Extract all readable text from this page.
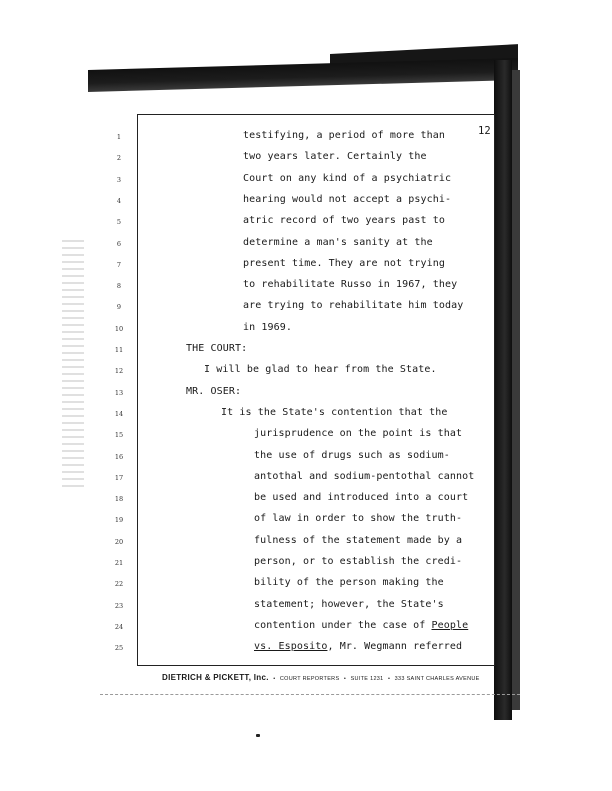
12
1	testifying, a period of more than
2	two years later. Certainly the
3	Court on any kind of a psychiatric
4	hearing would not accept a psychi-
5	atric record of two years past to
6	determine a man's sanity at the
7	present time. They are not trying
8	to rehabilitate Russo in 1967, they
9	are trying to rehabilitate him today
10	in 1969.
11	THE COURT:
12	I will be glad to hear from the State.
13	MR. OSER:
14	It is the State's contention that the
15	jurisprudence on the point is that
16	the use of drugs such as sodium-
17	antothal and sodium-pentothal cannot
18	be used and introduced into a court
19	of law in order to show the truth-
20	fulness of the statement made by a
21	person, or to establish the credi-
22	bility of the person making the
23	statement; however, the State's
24	contention under the case of People
25	vs. Esposito, Mr. Wegmann referred
DIETRICH & PICKETT, Inc. • COURT REPORTERS • SUITE 1231 • 333 SAINT CHARLES AVENUE
